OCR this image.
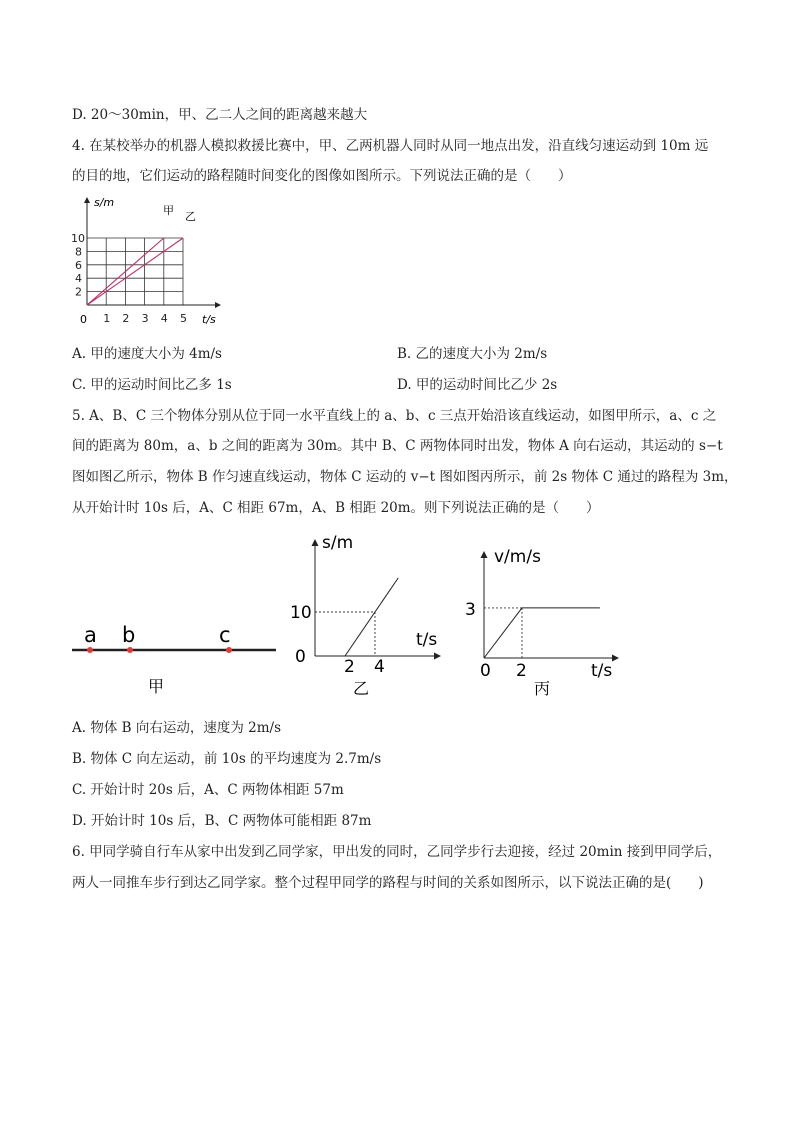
D. 20～30min，甲、乙二人之间的距离越来越大
4. 在某校举办的机器人模拟救援比赛中，甲、乙两机器人同时从同一地点出发，沿直线匀速运动到 10m 远
的目的地，它们运动的路程随时间变化的图像如图所示。下列说法正确的是（　　）
1 2 3 4 5
2
4
6
8
10
s/m
t/s
0
甲 乙
A. 甲的速度大小为 4m/s	B. 乙的速度大小为 2m/s
C. 甲的运动时间比乙多 1s	D. 甲的运动时间比乙少 2s
5. A、B、C 三个物体分别从位于同一水平直线上的 a、b、c 三点开始沿该直线运动，如图甲所示，a、c 之
间的距离为 80m，a、b 之间的距离为 30m。其中 B、C 两物体同时出发，物体 A 向右运动，其运动的 s−t
图如图乙所示，物体 B 作匀速直线运动，物体 C 运动的 v−t 图如图丙所示，前 2s 物体 C 通过的路程为 3m，
从开始计时 10s 后，A、C 相距 67m，A、B 相距 20m。则下列说法正确的是（　　）
a b	c
甲
s/m
t/s
0
10
2 4
乙
v/m/s
t/s
0
3
2
丙
A. 物体 B 向右运动，速度为 2m/s
B. 物体 C 向左运动，前 10s 的平均速度为 2.7m/s
C. 开始计时 20s 后，A、C 两物体相距 57m
D. 开始计时 10s 后，B、C 两物体可能相距 87m
6. 甲同学骑自行车从家中出发到乙同学家，甲出发的同时，乙同学步行去迎接，经过 20min 接到甲同学后，
两人一同推车步行到达乙同学家。整个过程甲同学的路程与时间的关系如图所示，以下说法正确的是(　　)
